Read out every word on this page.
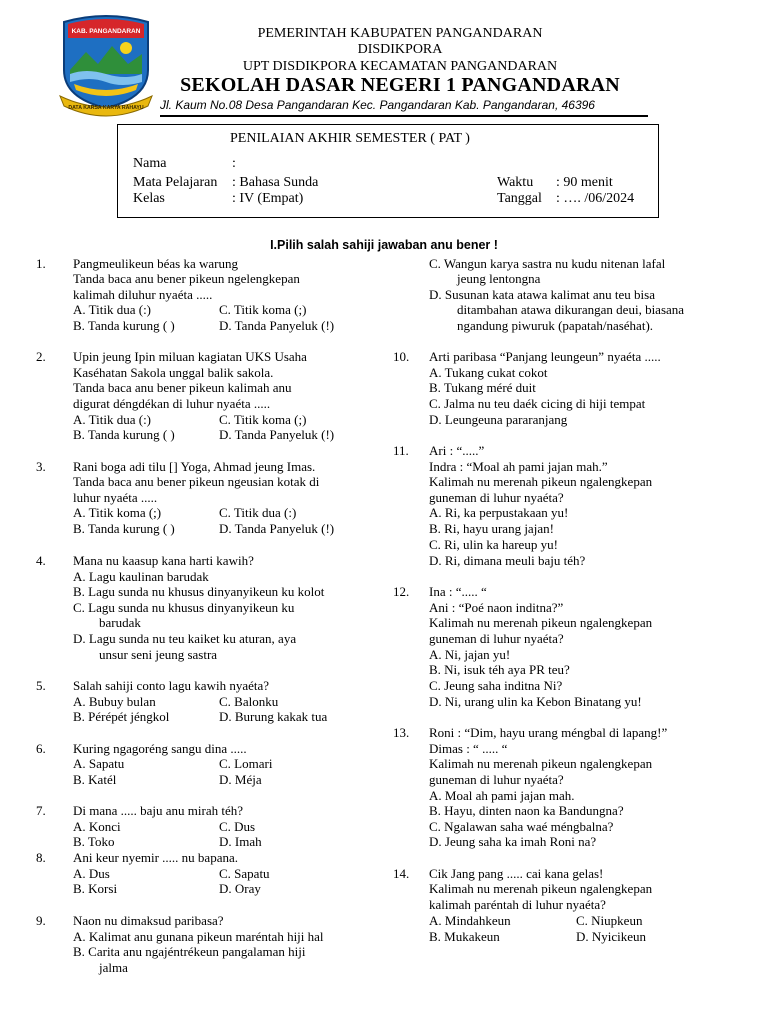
KAB. PANGANDARAN
DATA KARSA KARYA RAHAYU
PEMERINTAH KABUPATEN PANGANDARAN
DISDIKPORA
UPT DISDIKPORA KECAMATAN PANGANDARAN
SEKOLAH DASAR NEGERI 1 PANGANDARAN
Jl. Kaum No.08 Desa Pangandaran Kec. Pangandaran Kab. Pangandaran, 46396
PENILAIAN AKHIR SEMESTER ( PAT )
Nama	:
Mata Pelajaran : Bahasa Sunda
Kelas	: IV (Empat)
Waktu : 90 menit
Tanggal : …. /06/2024
I.Pilih salah sahiji jawaban anu bener !
1. Pangmeulikeun béas ka warung
Tanda baca anu bener pikeun ngelengkepan
kalimah diluhur nyaéta .....
A. Titik dua (:)	C. Titik koma (;)
B. Tanda kurung ( )	D. Tanda Panyeluk (!)
2. Upin jeung Ipin miluan kagiatan UKS Usaha
Kaséhatan Sakola unggal balik sakola.
Tanda baca anu bener pikeun kalimah anu
digurat déngdékan di luhur nyaéta .....
A. Titik dua (:)	C. Titik koma (;)
B. Tanda kurung ( )	D. Tanda Panyeluk (!)
3. Rani boga adi tilu [] Yoga, Ahmad jeung Imas.
Tanda baca anu bener pikeun ngeusian kotak di
luhur nyaéta .....
A. Titik koma (;)	C. Titik dua (:)
B. Tanda kurung ( )	D. Tanda Panyeluk (!)
4. Mana nu kaasup kana harti kawih?
A. Lagu kaulinan barudak
B. Lagu sunda nu khusus dinyanyikeun ku kolot
C. Lagu sunda nu khusus dinyanyikeun ku
barudak
D. Lagu sunda nu teu kaiket ku aturan, aya
unsur seni jeung sastra
5. Salah sahiji conto lagu kawih nyaéta?
A. Bubuy bulan	C. Balonku
B. Pérépét jéngkol	D. Burung kakak tua
6. Kuring ngagoréng sangu dina .....
A. Sapatu	C. Lomari
B. Katél	D. Méja
7. Di mana ..... baju anu mirah téh?
A. Konci	C. Dus
B. Toko	D. Imah
8. Ani keur nyemir ..... nu bapana.
A. Dus	C. Sapatu
B. Korsi	D. Oray
9. Naon nu dimaksud paribasa?
A. Kalimat anu gunana pikeun maréntah hiji hal
B. Carita anu ngajéntrékeun pangalaman hiji
jalma
C. Wangun karya sastra nu kudu nitenan lafal
jeung lentongna
D. Susunan kata atawa kalimat anu teu bisa
ditambahan atawa dikurangan deui, biasana
ngandung piwuruk (papatah/naséhat).
10. Arti paribasa “Panjang leungeun” nyaéta .....
A. Tukang cukat cokot
B. Tukang méré duit
C. Jalma nu teu daék cicing di hiji tempat
D. Leungeuna pararanjang
11. Ari : “.....”
Indra : “Moal ah pami jajan mah.”
Kalimah nu merenah pikeun ngalengkepan
guneman di luhur nyaéta?
A. Ri, ka perpustakaan yu!
B. Ri, hayu urang jajan!
C. Ri, ulin ka hareup yu!
D. Ri, dimana meuli baju téh?
12. Ina : “..... “
Ani : “Poé naon inditna?”
Kalimah nu merenah pikeun ngalengkepan
guneman di luhur nyaéta?
A. Ni, jajan yu!
B. Ni, isuk téh aya PR teu?
C. Jeung saha inditna Ni?
D. Ni, urang ulin ka Kebon Binatang yu!
13. Roni : “Dim, hayu urang méngbal di lapang!”
Dimas : “ ..... “
Kalimah nu merenah pikeun ngalengkepan
guneman di luhur nyaéta?
A. Moal ah pami jajan mah.
B. Hayu, dinten naon ka Bandungna?
C. Ngalawan saha waé méngbalna?
D. Jeung saha ka imah Roni na?
14. Cik Jang pang ..... cai kana gelas!
Kalimah nu merenah pikeun ngalengkepan
kalimah paréntah di luhur nyaéta?
A. Mindahkeun	C. Niupkeun
B. Mukakeun	D. Nyicikeun
